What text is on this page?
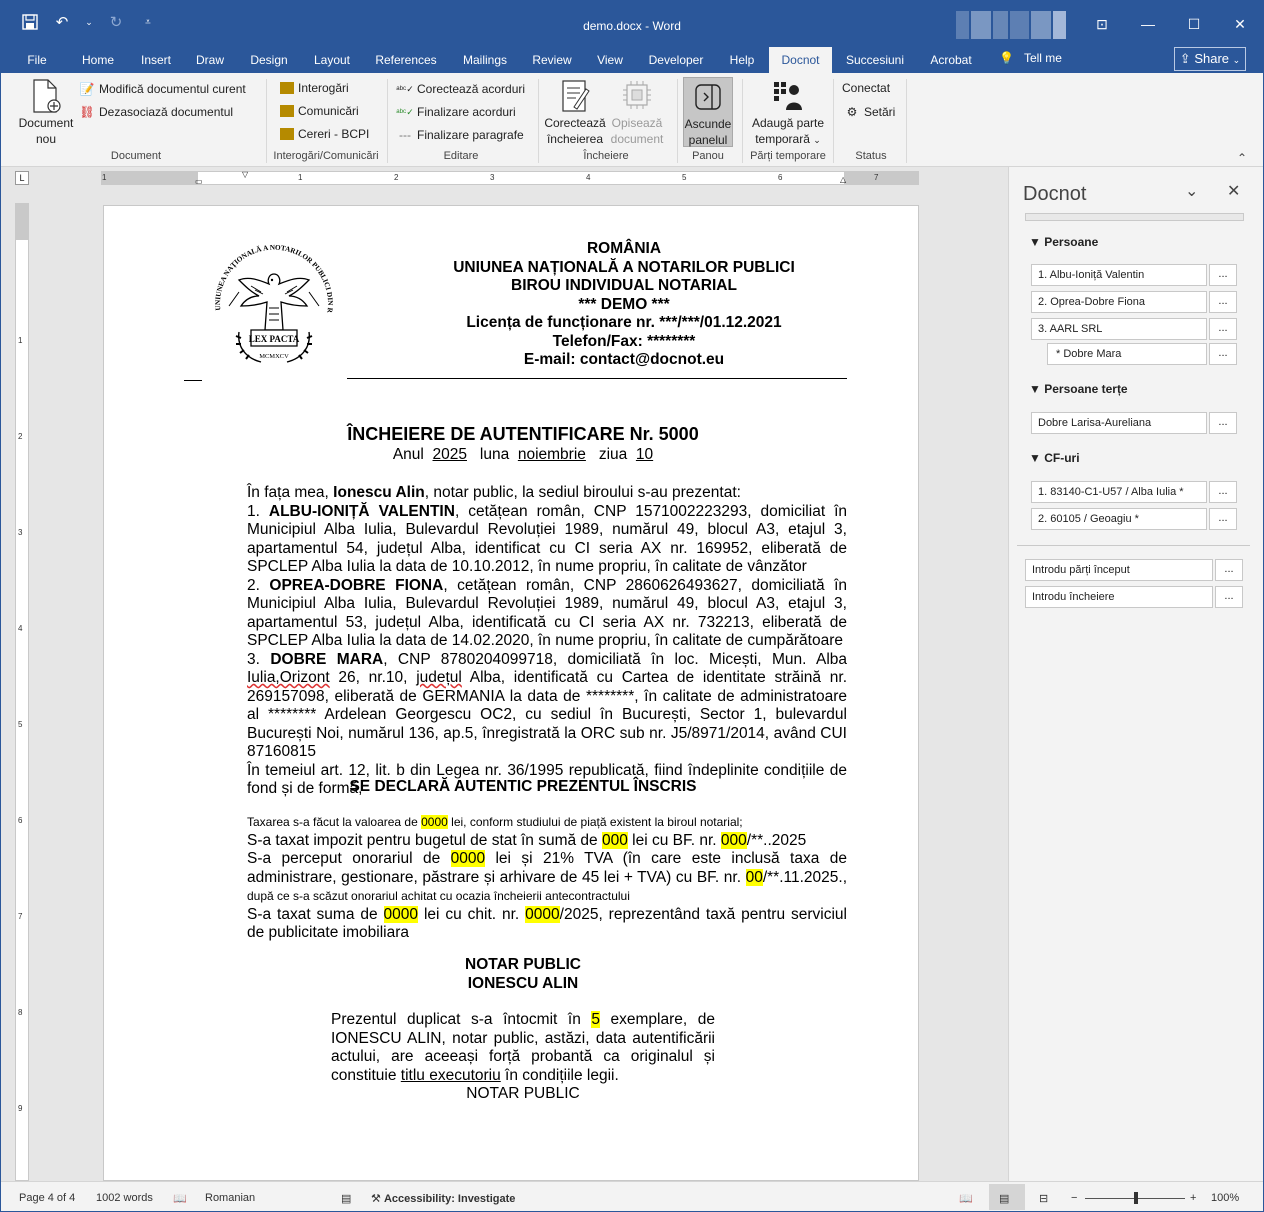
↶	⌄ ↻	⩡	demo.docx - Word	⊡	—	☐	✕
File	Home	Insert	Draw	Design	Layout	References	Mailings	Review	View	Developer	Help	Docnot	Succesiuni	Acrobat	💡 Tell me	⇪ Share ⌄
Document nou
📝 Modifică documentul curent
⛓ Dezasociază documentul
Document
Interogări
Comunicări
Cereri - BCPI
Interogări/Comunicări
ᵃᵇᶜ✓ Corectează acorduri
ᵃᵇᶜ✓ Finalizare acorduri
--- Finalizare paragrafe
Editare
Corectează
încheierea
Opisează
document
Încheiere
Ascunde
panelul
Panou
Adaugă parte
temporară ⌄
Părți temporare
Conectat
⚙ Setări
Status	⌃
L	1	1	2	3	4	5	6	7
▭
▽
△
1
2
3
4
5
6
7
8
9
UNIUNEA NAȚIONALĂ A NOTARILOR PUBLICI DIN R
LEX PACTA
MCMXCV
ROMÂNIA
UNIUNEA NAȚIONALĂ A NOTARILOR PUBLICI
BIROU INDIVIDUAL NOTARIAL
*** DEMO ***
Licența de funcționare nr. ***/***/01.12.2021
Telefon/Fax: ********
E-mail: contact@docnot.eu
ÎNCHEIERE DE AUTENTIFICARE Nr. 5000
Anul 2025 luna noiembrie ziua 10
În fața mea, Ionescu Alin, notar public, la sediul biroului s-au prezentat:
1. ALBU-IONIȚĂ VALENTIN, cetățean român, CNP 1571002223293, domiciliat în Municipiul Alba Iulia, Bulevardul Revoluției 1989, numărul 49, blocul A3, etajul 3, apartamentul 54, județul Alba, identificat cu CI seria AX nr. 169952, eliberată de SPCLEP Alba Iulia la data de 10.10.2012, în nume propriu, în calitate de vânzător
2. OPREA-DOBRE FIONA, cetățean român, CNP 2860626493627, domiciliată în Municipiul Alba Iulia, Bulevardul Revoluției 1989, numărul 49, blocul A3, etajul 3, apartamentul 53, județul Alba, identificată cu CI seria AX nr. 732213, eliberată de SPCLEP Alba Iulia la data de 14.02.2020, în nume propriu, în calitate de cumpărătoare
3. DOBRE MARA, CNP 8780204099718, domiciliată în loc. Micești, Mun. Alba Iulia,Orizont 26, nr.10, județul Alba, identificată cu Cartea de identitate străină nr. 269157098, eliberată de GERMANIA la data de ********, în calitate de administratoare al ******** Ardelean Georgescu OC2, cu sediul în București, Sector 1, bulevardul București Noi, numărul 136, ap.5, înregistrată la ORC sub nr. J5/8971/2014, având CUI 87160815
În temeiul art. 12, lit. b din Legea nr. 36/1995 republicată, fiind îndeplinite condițiile de fond și de formă,
SE DECLARĂ AUTENTIC PREZENTUL ÎNSCRIS
Taxarea s-a făcut la valoarea de 0000 lei, conform studiului de piață existent la biroul notarial;
S-a taxat impozit pentru bugetul de stat în sumă de 000 lei cu BF. nr. 000/**..2025
S-a perceput onorariul de 0000 lei și 21% TVA (în care este inclusă taxa de administrare, gestionare, păstrare și arhivare de 45 lei + TVA) cu BF. nr. 00/**.11.2025., după ce s-a scăzut onorariul achitat cu ocazia încheierii antecontractului
S-a taxat suma de 0000 lei cu chit. nr. 0000/2025, reprezentând taxă pentru serviciul de publicitate imobiliara
NOTAR PUBLIC
IONESCU ALIN
Prezentul duplicat s-a întocmit în 5 exemplare, de IONESCU ALIN, notar public, astăzi, data autentificării actului, are aceeași forță probantă ca originalul și constituie titlu executoriu în condițiile legii.
NOTAR PUBLIC
Docnot	⌄ ✕
▼ Persoane
1. Albu-Ioniță Valentin	...
2. Oprea-Dobre Fiona	...
3. AARL SRL	...
* Dobre Mara	...
▼ Persoane terțe
Dobre Larisa-Aureliana	...
▼ CF-uri
1. 83140-C1-U57 / Alba Iulia *	...
2. 60105 / Geoagiu *	...
Introdu părți început	...
Introdu încheiere	...
Page 4 of 4 1002 words 📖 Romanian	▤ ⚒ Accessibility: Investigate	📖 ▤	⊟ −	+ 100%
